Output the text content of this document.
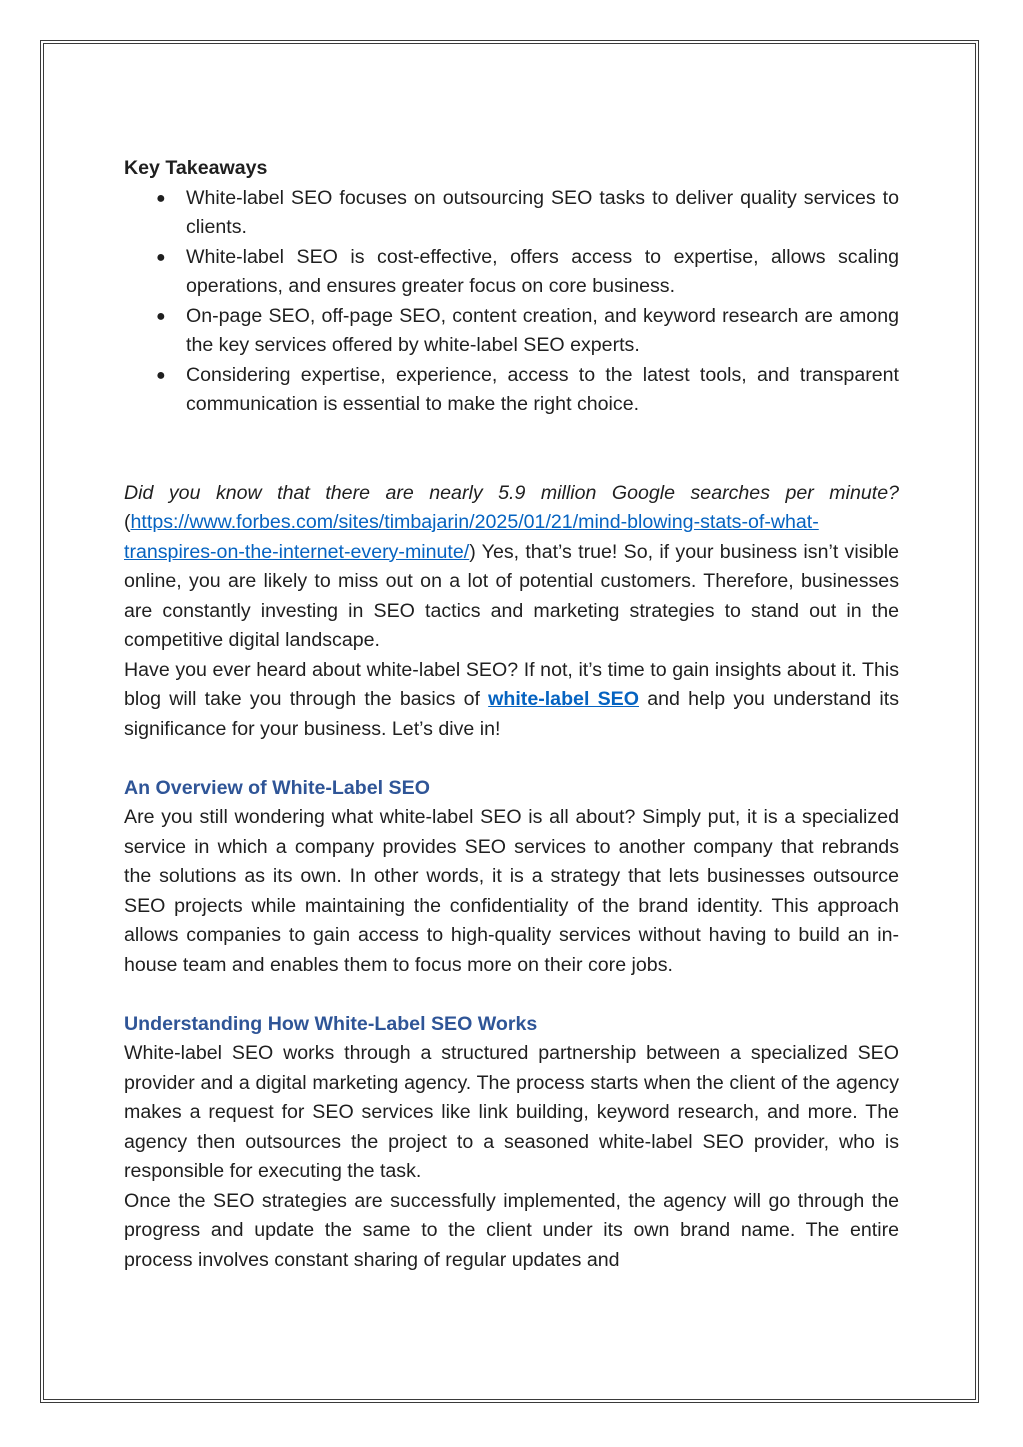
Key Takeaways

● White-label SEO focuses on outsourcing SEO tasks to deliver quality services to clients.
● White-label SEO is cost-effective, offers access to expertise, allows scaling operations, and ensures greater focus on core business.
● On-page SEO, off-page SEO, content creation, and keyword research are among the key services offered by white-label SEO experts.
● Considering expertise, experience, access to the latest tools, and transparent communication is essential to make the right choice.

Did you know that there are nearly 5.9 million Google searches per minute? (https://www.forbes.com/sites/timbajarin/2025/01/21/mind-blowing-stats-of-what-transpires-on-the-internet-every-minute/) Yes, that’s true! So, if your business isn’t visible online, you are likely to miss out on a lot of potential customers. Therefore, businesses are constantly investing in SEO tactics and marketing strategies to stand out in the competitive digital landscape.

Have you ever heard about white-label SEO? If not, it’s time to gain insights about it. This blog will take you through the basics of white-label SEO and help you understand its significance for your business. Let’s dive in!

An Overview of White-Label SEO

Are you still wondering what white-label SEO is all about? Simply put, it is a specialized service in which a company provides SEO services to another company that rebrands the solutions as its own. In other words, it is a strategy that lets businesses outsource SEO projects while maintaining the confidentiality of the brand identity. This approach allows companies to gain access to high-quality services without having to build an in-house team and enables them to focus more on their core jobs.

Understanding How White-Label SEO Works

White-label SEO works through a structured partnership between a specialized SEO provider and a digital marketing agency. The process starts when the client of the agency makes a request for SEO services like link building, keyword research, and more. The agency then outsources the project to a seasoned white-label SEO provider, who is responsible for executing the task.

Once the SEO strategies are successfully implemented, the agency will go through the progress and update the same to the client under its own brand name. The entire process involves constant sharing of regular updates and
